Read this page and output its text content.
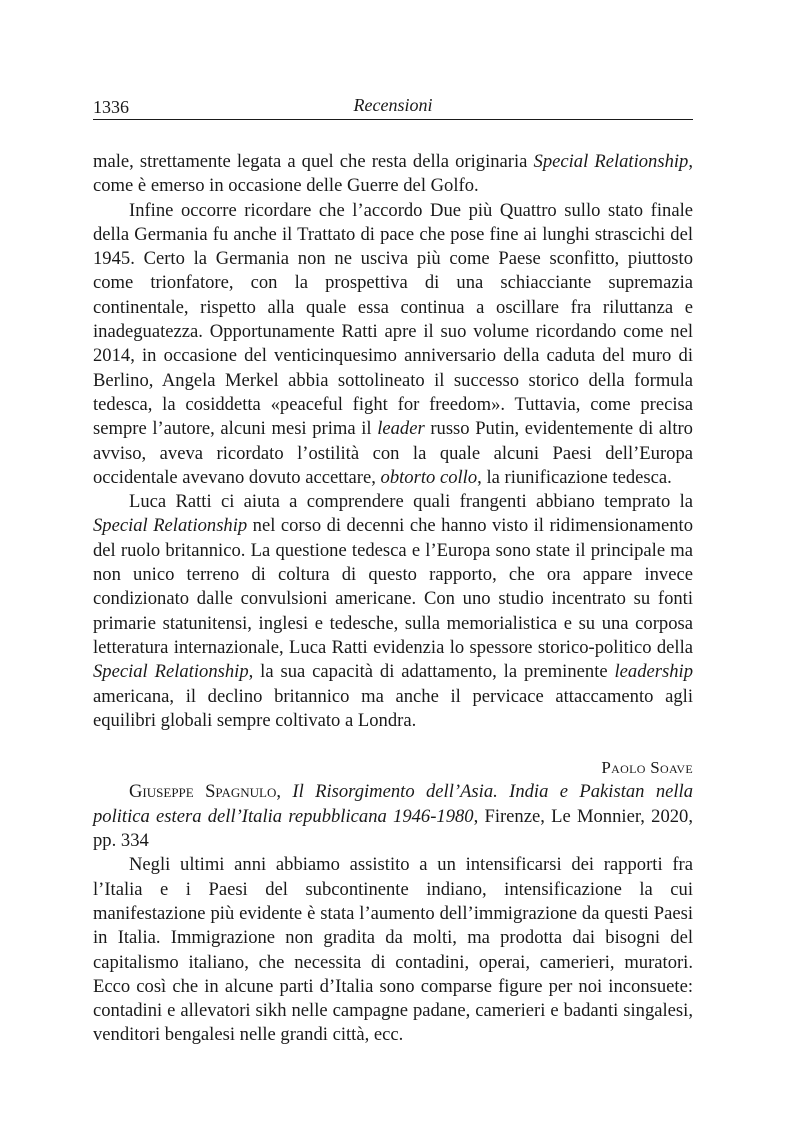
1336	Recensioni

male, strettamente legata a quel che resta della originaria Special Relationship, come è emerso in occasione delle Guerre del Golfo.

Infine occorre ricordare che l’accordo Due più Quattro sullo stato finale della Germania fu anche il Trattato di pace che pose fine ai lunghi strascichi del 1945. Certo la Germania non ne usciva più come Paese sconfitto, piuttosto come trionfatore, con la prospettiva di una schiacciante supremazia continentale, rispetto alla quale essa continua a oscillare fra riluttanza e inadeguatezza. Opportunamente Ratti apre il suo volume ricordando come nel 2014, in occasione del venticinquesimo anniversario della caduta del muro di Berlino, Angela Merkel abbia sottolineato il successo storico della formula tedesca, la cosiddetta «peaceful fight for freedom». Tuttavia, come precisa sempre l’autore, alcuni mesi prima il leader russo Putin, evidentemente di altro avviso, aveva ricordato l’ostilità con la quale alcuni Paesi dell’Europa occidentale avevano dovuto accettare, obtorto collo, la riunificazione tedesca.

Luca Ratti ci aiuta a comprendere quali frangenti abbiano temprato la Special Relationship nel corso di decenni che hanno visto il ridimensionamento del ruolo britannico. La questione tedesca e l’Europa sono state il principale ma non unico terreno di coltura di questo rapporto, che ora appare invece condizionato dalle convulsioni americane. Con uno studio incentrato su fonti primarie statunitensi, inglesi e tedesche, sulla memorialistica e su una corposa letteratura internazionale, Luca Ratti evidenzia lo spessore storico-politico della Special Relationship, la sua capacità di adattamento, la preminente leadership americana, il declino britannico ma anche il pervicace attaccamento agli equilibri globali sempre coltivato a Londra.

Paolo Soave

Giuseppe Spagnulo, Il Risorgimento dell’Asia. India e Pakistan nella politica estera dell’Italia repubblicana 1946-1980, Firenze, Le Monnier, 2020, pp. 334

Negli ultimi anni abbiamo assistito a un intensificarsi dei rapporti fra l’Italia e i Paesi del subcontinente indiano, intensificazione la cui manifestazione più evidente è stata l’aumento dell’immigrazione da questi Paesi in Italia. Immigrazione non gradita da molti, ma prodotta dai bisogni del capitalismo italiano, che necessita di contadini, operai, camerieri, muratori. Ecco così che in alcune parti d’Italia sono comparse figure per noi inconsuete: contadini e allevatori sikh nelle campagne padane, camerieri e badanti singalesi, venditori bengalesi nelle grandi città, ecc.
